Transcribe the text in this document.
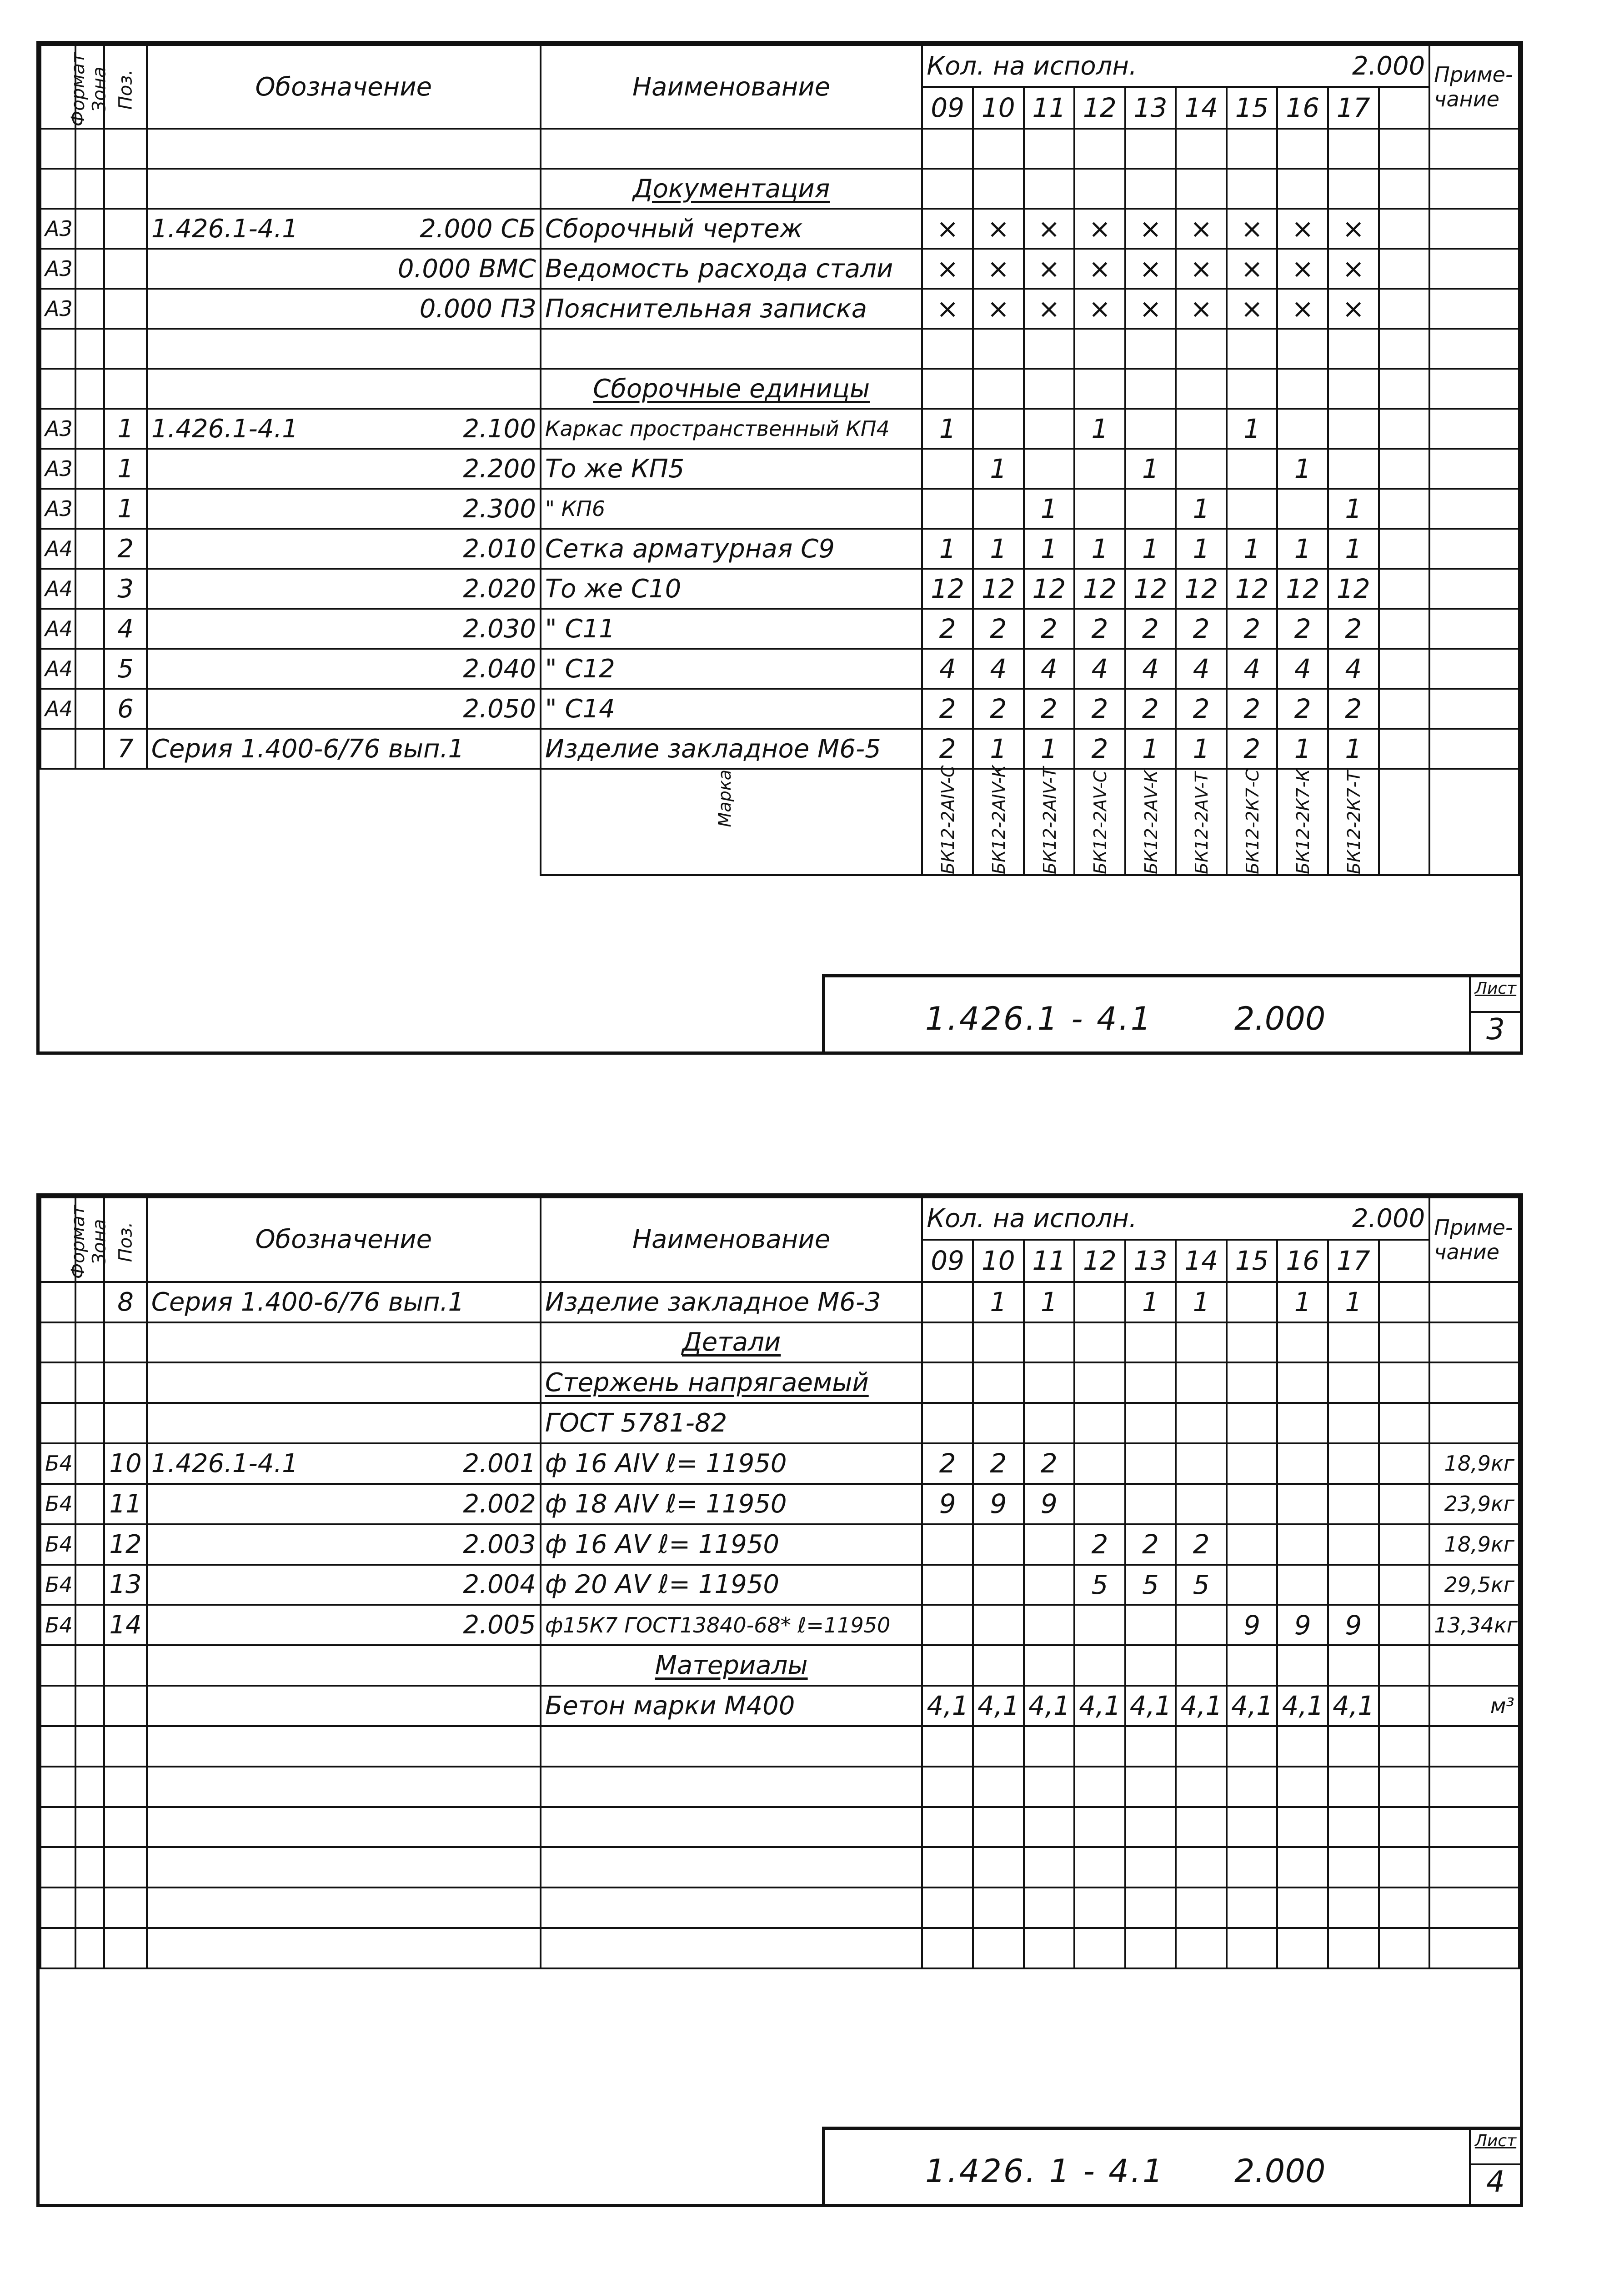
Формат	Зона	Поз.	Обозначение	Наименование	Кол. на исполн. 2.000										Примечание
					09	10	11	12	13	14	15	16	17		

	Документация											
А3			1.426.1-4.1 2.000 СБ	Сборочный чертеж	×	×	×	×	×	×	×	×	×		
А3			0.000 ВМС	Ведомость расхода стали	×	×	×	×	×	×	×	×	×		
А3			0.000 ПЗ	Пояснительная записка	×	×	×	×	×	×	×	×	×		

	Сборочные единицы											
А3		1	1.426.1-4.1 2.100	Каркас пространственный КП4	1			1			1				
А3		1	2.200	То же КП5		1			1			1			
А3		1	2.300	" КП6			1			1			1		
А4		2	2.010	Сетка арматурная С9	1	1	1	1	1	1	1	1	1		
А4		3	2.020	То же С10	12	12	12	12	12	12	12	12	12		
А4		4	2.030	" С11	2	2	2	2	2	2	2	2	2		
А4		5	2.040	" С12	4	4	4	4	4	4	4	4	4		
А4		6	2.050	" С14	2	2	2	2	2	2	2	2	2		
		7	Серия 1.400-6/76 вып.1	Изделие закладное М6-5	2	1	1	2	1	1	2	1	1		

				Марка	БК12-2АIV-С	БК12-2АIV-К	БК12-2АIV-Т	БК12-2АV-С	БК12-2АV-К	БК12-2АV-Т	БК12-2К7-С	БК12-2К7-К	БК12-2К7-Т		

1.426.1 - 4.1	2.000
Лист
3
Формат	Зона	Поз.	Обозначение	Наименование	Кол. на исполн. 2.000										Примечание
					09	10	11	12	13	14	15	16	17		
		8	Серия 1.400-6/76 вып.1	Изделие закладное М6-3		1	1		1	1		1	1		

	Детали											

	Стержень напрягаемый											

	ГОСТ 5781-82											
Б4		10	1.426.1-4.1 2.001	ф 16 АIV ℓ= 11950	2	2	2								18,9кг
Б4		11	2.002	ф 18 АIV ℓ= 11950	9	9	9								23,9кг
Б4		12	2.003	ф 16 АV ℓ= 11950				2	2	2					18,9кг
Б4		13	2.004	ф 20 АV ℓ= 11950				5	5	5					29,5кг
Б4		14	2.005	ф15К7 ГОСТ13840-68* ℓ=11950							9	9	9		13,34кг

	Материалы											

	Бетон марки М400	4,1	4,1	4,1	4,1	4,1	4,1	4,1	4,1	4,1		м³

1.426. 1 - 4.1 2.000
Лист
4
